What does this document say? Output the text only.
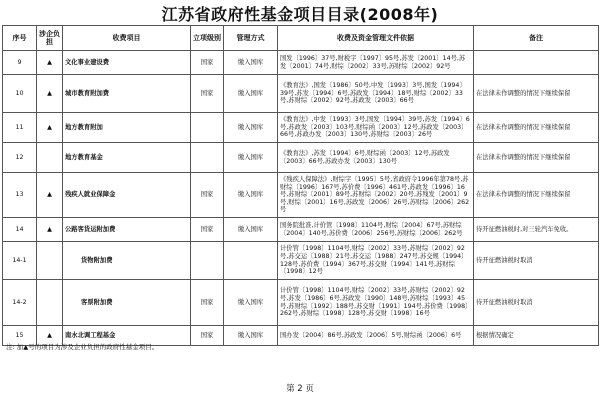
江苏省政府性基金项目目录(2008年)
序号	涉企负担	收费项目	立项级别	管理方式	收费及资金管理文件依据	备注
9	▲	文化事业建设费	国家	缴入国库	国发〔1996〕37号,财税字〔1997〕95号,苏发〔2001〕14号,苏发〔2001〕74号,财综〔2002〕33号,苏财综〔2002〕92号	
10	▲	城市教育附加费	国家	缴入国库	《教育法》,国发〔1986〕50号,中发〔1993〕3号,国发〔1994〕39号,苏发〔1994〕6号,苏政发〔1994〕18号,财综〔2002〕33号,苏财综〔2002〕92号,苏政发〔2003〕66号	在法律未作调整的情况下继续保留
11	▲	地方教育附加		缴入国库	《教育法》,中发〔1993〕3号,国发〔1994〕39号,苏发〔1994〕6号,苏政发〔2003〕103号,财综函〔2003〕12号,苏政发〔2003〕66号,苏政办发〔2003〕130号,苏财综〔2003〕26号	在法律未作调整的情况下继续保留
12		地方教育基金		缴入国库	《教育法》,苏发〔1994〕6号,财综函〔2003〕12号,苏政发〔2003〕66号,苏政办发〔2003〕130号	在法律未作调整的情况下继续保留
13	▲	残疾人就业保障金	国家	缴入国库	《残疾人保障法》,财综字〔1995〕5号,省政府令1996年第78号,苏财综〔1996〕167号,苏价费〔1996〕461号,苏政发〔1996〕16号,苏财综〔2001〕89号,苏财综〔2002〕20号,苏残发〔2001〕9号,财综〔2001〕16号,苏政发〔2006〕26号,苏财综〔2006〕262号	在法律未作调整的情况下继续保留
14	▲	公路客货运附加费	国家	缴入国库	国务院批准,计价管〔1998〕1104号,财综〔2004〕67号,苏财综〔2004〕140号,苏价费〔2006〕256号,苏财综〔2006〕262号	待开征燃油税时,对三轮汽车免收。
14-1		货物附加费			计价管〔1998〕1104号,财综〔2002〕33号,苏财综〔2002〕92号,苏交运〔1988〕21号,苏交运〔1988〕247号,苏交规〔1994〕128号,苏价费〔1994〕367号,苏交财〔1994〕141号,苏财综〔1998〕12号	待开征燃油税时取消
14-2		客票附加费	国家	缴入国库	计价管〔1998〕1104号,财综〔2002〕33号,苏财综〔2002〕92号,苏发〔1986〕6号,苏政发〔1990〕148号,苏财综〔1993〕45号,苏财综〔1992〕188号,苏交财〔1991〕194号,苏价费〔1998〕262号,苏财综〔1998〕128号,苏交财〔1998〕16号	待开征燃油税时取消
15	▲	南水北调工程基金	国家	缴入国库	国办发〔2004〕86号,苏政发〔2006〕5号,财综函〔2006〕6号	根据情况确定
注: 加▲号的项目为涉及企业负担的政府性基金项目。
第 2 页
